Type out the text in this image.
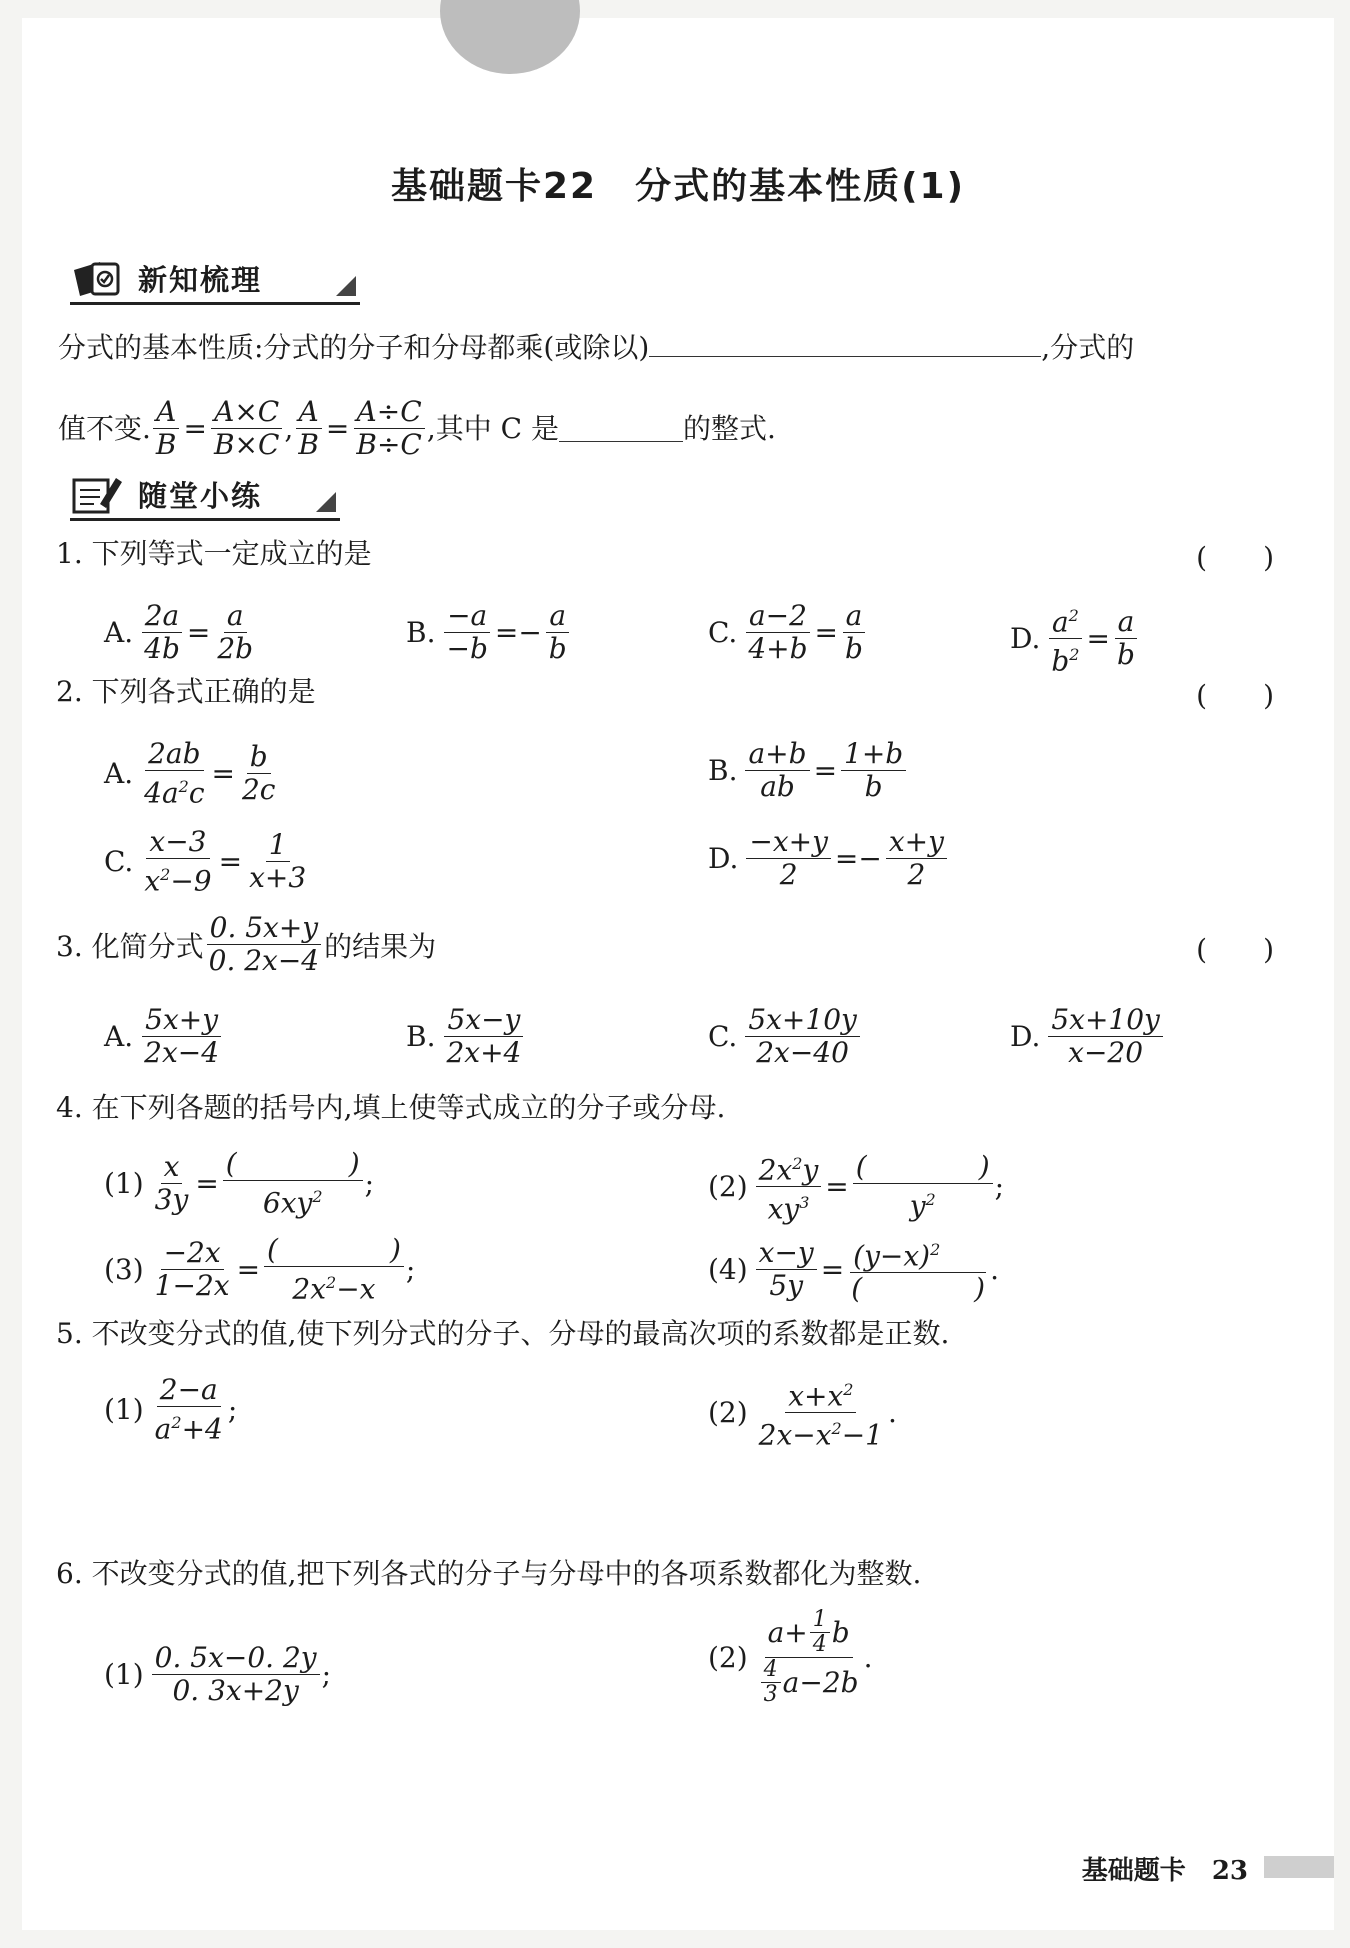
基础题卡22　分式的基本性质(1)
新知梳理
分式的基本性质:分式的分子和分母都乘(或除以)	,分式的
值不变. $\frac{A}{B} = \frac{A\times C}{B\times C}$ , $\frac{A}{B} = \frac{A\div C}{B\div C}$ ,其中 C 是	的整式.
随堂小练
1. 下列等式一定成立的是	(　　)
A. $\frac{2a}{4b} = \frac{a}{2b}$	B. $\frac{-a}{-b} =- \frac{a}{b}$	C. $\frac{a-2}{4+b} = \frac{a}{b}$	D. $\frac{a^2}{b^2} = \frac{a}{b}$
2. 下列各式正确的是	(　　)
A. $\frac{2ab}{4a^2c} = \frac{b}{2c}$	B. $\frac{a+b}{ab} = \frac{1+b}{b}$
C. $\frac{x-3}{x^2-9} = \frac{1}{x+3}$	D. $\frac{-x+y}{2} =- \frac{x+y}{2}$
3. 化简分式 $\frac{0. 5x+y}{0. 2x-4}$ 的结果为	(　　)
A. $\frac{5x+y}{2x-4}$	B. $\frac{5x-y}{2x+4}$	C. $\frac{5x+10y}{2x-40}$	D. $\frac{5x+10y}{x-20}$
4. 在下列各题的括号内,填上使等式成立的分子或分母.
$(1) \frac{x}{3y} = \frac{( )}{6xy^2}$ ;	$(2) \frac{2x^2y}{xy^3} = \frac{( )}{y^2}$ ;
$(3) \frac{-2x}{1-2x} = \frac{( )}{2x^2-x}$ ;	$(4) \frac{x-y}{5y} = \frac{(y-x)^2}{( )}$ .
5. 不改变分式的值,使下列分式的分子、分母的最高次项的系数都是正数.
$(1) \frac{2-a}{a^2+4}$ ;	$(2) \frac{x+x^2}{2x-x^2-1}$ .
6. 不改变分式的值,把下列各式的分子与分母中的各项系数都化为整数.
$(1) \frac{0. 5x-0. 2y}{0. 3x+2y}$ ;
$(2) \frac{a+ \frac{1}{4} b}{\frac{4}{3} a-2b}$ .
基础题卡 23
